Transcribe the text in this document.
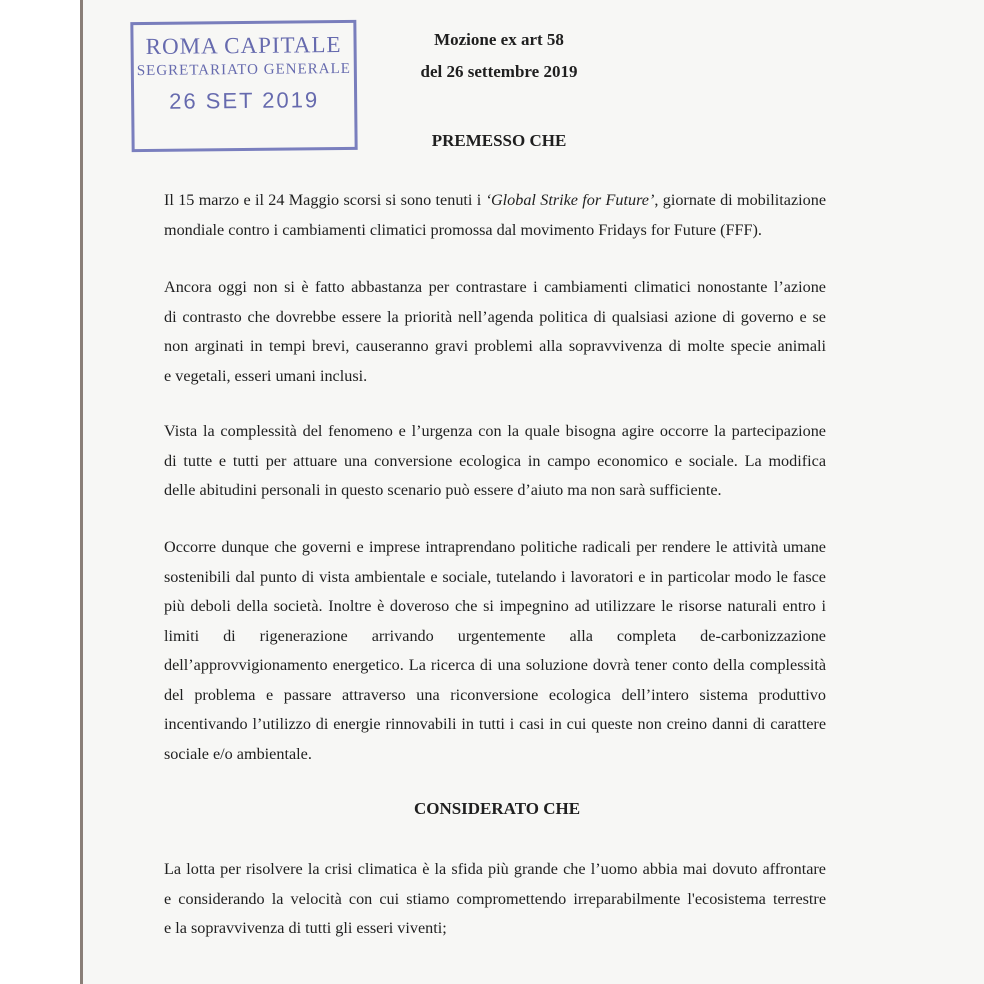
ROMA CAPITALE
SEGRETARIATO GENERALE
26 SET 2019
Mozione ex art 58
del 26 settembre 2019
PREMESSO CHE
Il 15 marzo e il 24 Maggio scorsi si sono tenuti i ‘Global Strike for Future’, giornate di mobilitazione
mondiale contro i cambiamenti climatici promossa dal movimento Fridays for Future (FFF).
Ancora oggi non si è fatto abbastanza per contrastare i cambiamenti climatici nonostante l’azione
di contrasto che dovrebbe essere la priorità nell’agenda politica di qualsiasi azione di governo e se
non arginati in tempi brevi, causeranno gravi problemi alla sopravvivenza di molte specie animali
e vegetali, esseri umani inclusi.
Vista la complessità del fenomeno e l’urgenza con la quale bisogna agire occorre la partecipazione
di tutte e tutti per attuare una conversione ecologica in campo economico e sociale. La modifica
delle abitudini personali in questo scenario può essere d’aiuto ma non sarà sufficiente.
Occorre dunque che governi e imprese intraprendano politiche radicali per rendere le attività umane
sostenibili dal punto di vista ambientale e sociale, tutelando i lavoratori e in particolar modo le fasce
più deboli della società. Inoltre è doveroso che si impegnino ad utilizzare le risorse naturali entro i
limiti di rigenerazione arrivando urgentemente alla completa de-carbonizzazione
dell’approvvigionamento energetico. La ricerca di una soluzione dovrà tener conto della complessità
del problema e passare attraverso una riconversione ecologica dell’intero sistema produttivo
incentivando l’utilizzo di energie rinnovabili in tutti i casi in cui queste non creino danni di carattere
sociale e/o ambientale.
CONSIDERATO CHE
La lotta per risolvere la crisi climatica è la sfida più grande che l’uomo abbia mai dovuto affrontare
e considerando la velocità con cui stiamo compromettendo irreparabilmente l'ecosistema terrestre
e la sopravvivenza di tutti gli esseri viventi;
